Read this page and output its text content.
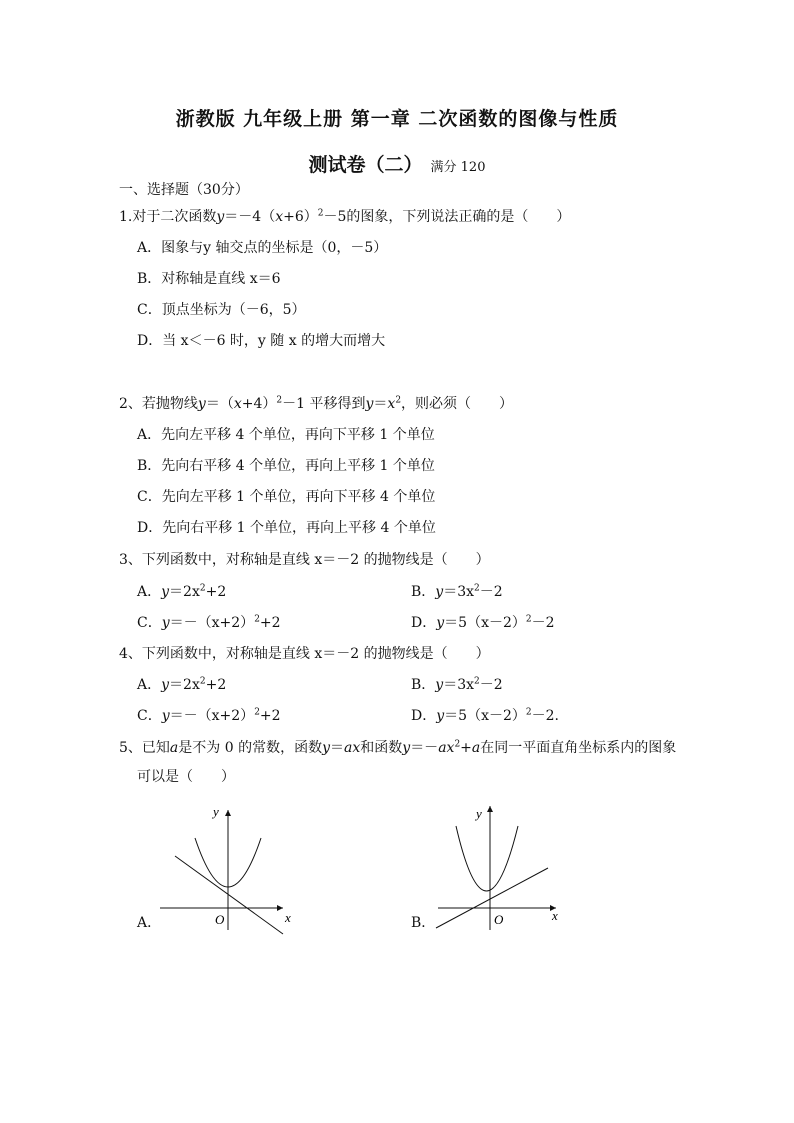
浙教版 九年级上册 第一章 二次函数的图像与性质
测试卷（二） 满分 120
一、选择题（30分）
1.对于二次函数$y=-4(x+6)^2-5$的图象，下列说法正确的是（　　）
A．图象与y 轴交点的坐标是（0，－5）
B．对称轴是直线 x＝6
C．顶点坐标为（－6，5）
D．当 x＜－6 时，y 随 x 的增大而增大
2、若抛物线$y=(x+4)^2-1$ 平移得到$y=x^2$，则必须（　　）
A．先向左平移 4 个单位，再向下平移 1 个单位
B．先向右平移 4 个单位，再向上平移 1 个单位
C．先向左平移 1 个单位，再向下平移 4 个单位
D．先向右平移 1 个单位，再向上平移 4 个单位
3、下列函数中，对称轴是直线 x＝－2 的抛物线是（　　）
A．$y=2x^2+2$	B．$y=3x^2-2$
C．$y=-(x+2)^2+2$	D．$y=5(x-2)^2-2$
4、下列函数中，对称轴是直线 x＝－2 的抛物线是（　　）
A．$y=2x^2+2$	B．$y=3x^2-2$
C．$y=-(x+2)^2+2$	D．$y=5(x-2)^2-2$.
5、已知a是不为 0 的常数，函数y＝ax和函数$y=-ax^2+a$在同一平面直角坐标系内的图象
可以是（　　）
A．
y
x
O	B．
y
x
O
